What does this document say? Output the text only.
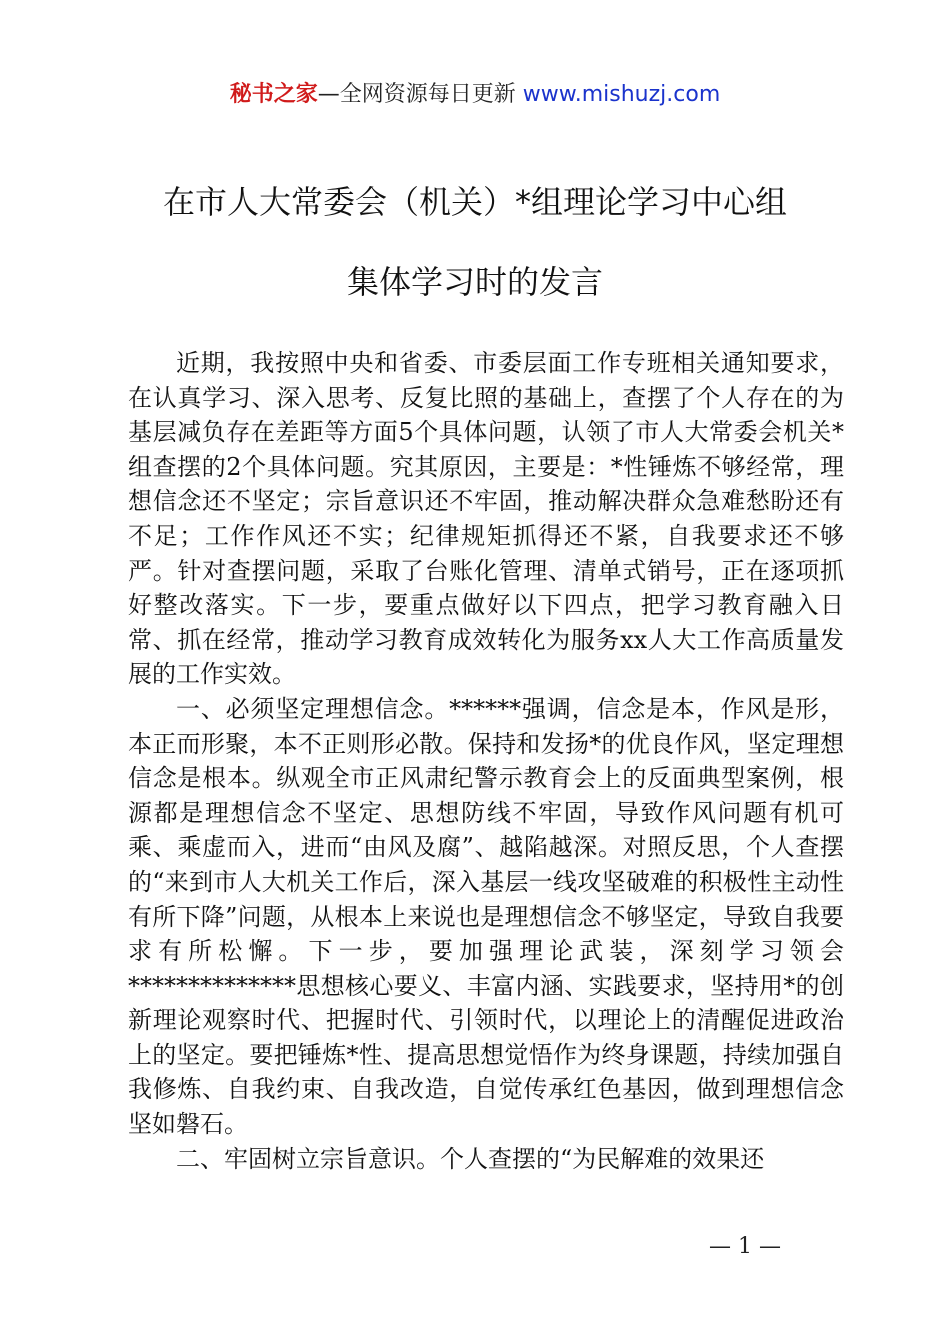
秘书之家—全网资源每日更新 www.mishuzj.com
在市人大常委会（机关）*组理论学习中心组
集体学习时的发言

近期，我按照中央和省委、市委层面工作专班相关通知要求，在认真学习、深入思考、反复比照的基础上，查摆了个人存在的为基层减负存在差距等方面5个具体问题，认领了市人大常委会机关*组查摆的2个具体问题。究其原因，主要是：*性锤炼不够经常，理想信念还不坚定；宗旨意识还不牢固，推动解决群众急难愁盼还有不足；工作作风还不实；纪律规矩抓得还不紧，自我要求还不够严。针对查摆问题，采取了台账化管理、清单式销号，正在逐项抓好整改落实。下一步，要重点做好以下四点，把学习教育融入日常、抓在经常，推动学习教育成效转化为服务xx人大工作高质量发展的工作实效。

一、必须坚定理想信念。******强调，信念是本，作风是形，本正而形聚，本不正则形必散。保持和发扬*的优良作风，坚定理想信念是根本。纵观全市正风肃纪警示教育会上的反面典型案例，根源都是理想信念不坚定、思想防线不牢固，导致作风问题有机可乘、乘虚而入，进而“由风及腐”、越陷越深。对照反思，个人查摆的“来到市人大机关工作后，深入基层一线攻坚破难的积极性主动性有所下降”问题，从根本上来说也是理想信念不够坚定，导致自我要求有所松懈。下一步，要加强理论武装，深刻学习领会**************思想核心要义、丰富内涵、实践要求，坚持用*的创新理论观察时代、把握时代、引领时代，以理论上的清醒促进政治上的坚定。要把锤炼*性、提高思想觉悟作为终身课题，持续加强自我修炼、自我约束、自我改造，自觉传承红色基因，做到理想信念坚如磐石。

二、牢固树立宗旨意识。个人查摆的“为民解难的效果还

— 1 —
